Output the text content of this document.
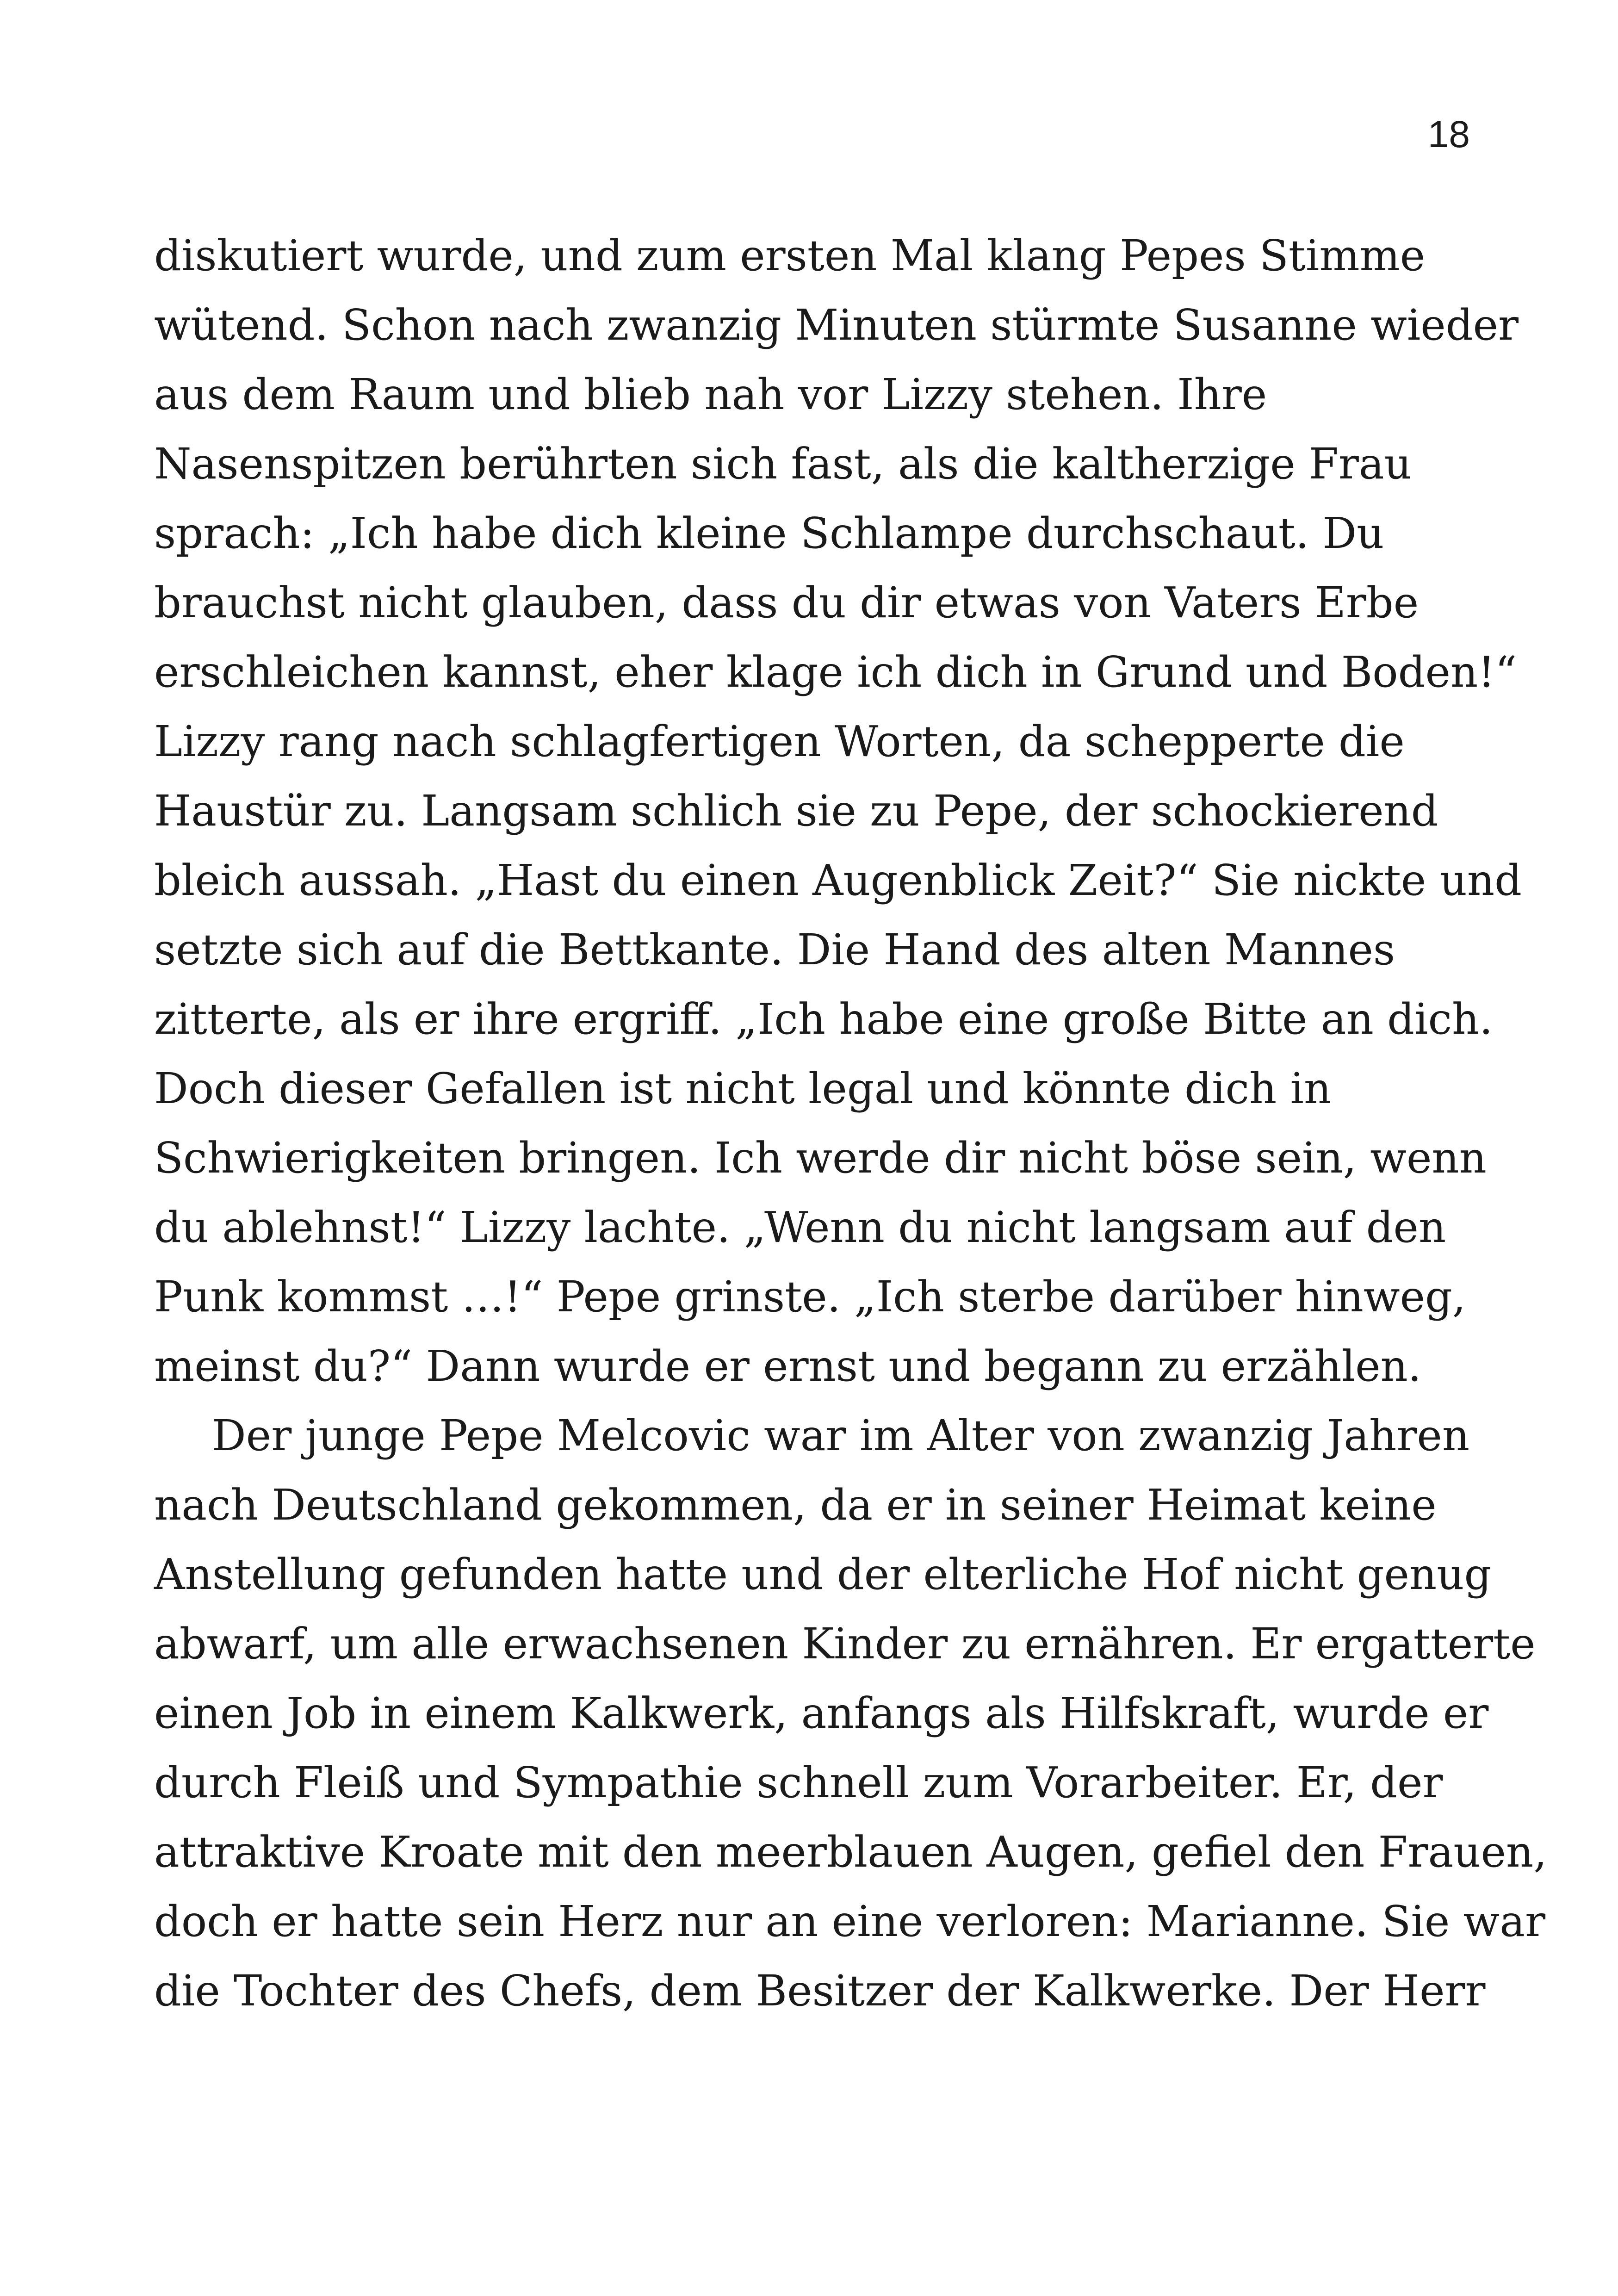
18
diskutiert wurde, und zum ersten Mal klang Pepes Stimme
wütend. Schon nach zwanzig Minuten stürmte Susanne wieder
aus dem Raum und blieb nah vor Lizzy stehen. Ihre
Nasenspitzen berührten sich fast, als die kaltherzige Frau
sprach: „Ich habe dich kleine Schlampe durchschaut. Du
brauchst nicht glauben, dass du dir etwas von Vaters Erbe
erschleichen kannst, eher klage ich dich in Grund und Boden!“
Lizzy rang nach schlagfertigen Worten, da schepperte die
Haustür zu. Langsam schlich sie zu Pepe, der schockierend
bleich aussah. „Hast du einen Augenblick Zeit?“ Sie nickte und
setzte sich auf die Bettkante. Die Hand des alten Mannes
zitterte, als er ihre ergriff. „Ich habe eine große Bitte an dich.
Doch dieser Gefallen ist nicht legal und könnte dich in
Schwierigkeiten bringen. Ich werde dir nicht böse sein, wenn
du ablehnst!“ Lizzy lachte. „Wenn du nicht langsam auf den
Punk kommst …!“ Pepe grinste. „Ich sterbe darüber hinweg,
meinst du?“ Dann wurde er ernst und begann zu erzählen.
Der junge Pepe Melcovic war im Alter von zwanzig Jahren
nach Deutschland gekommen, da er in seiner Heimat keine
Anstellung gefunden hatte und der elterliche Hof nicht genug
abwarf, um alle erwachsenen Kinder zu ernähren. Er ergatterte
einen Job in einem Kalkwerk, anfangs als Hilfskraft, wurde er
durch Fleiß und Sympathie schnell zum Vorarbeiter. Er, der
attraktive Kroate mit den meerblauen Augen, gefiel den Frauen,
doch er hatte sein Herz nur an eine verloren: Marianne. Sie war
die Tochter des Chefs, dem Besitzer der Kalkwerke. Der Herr
